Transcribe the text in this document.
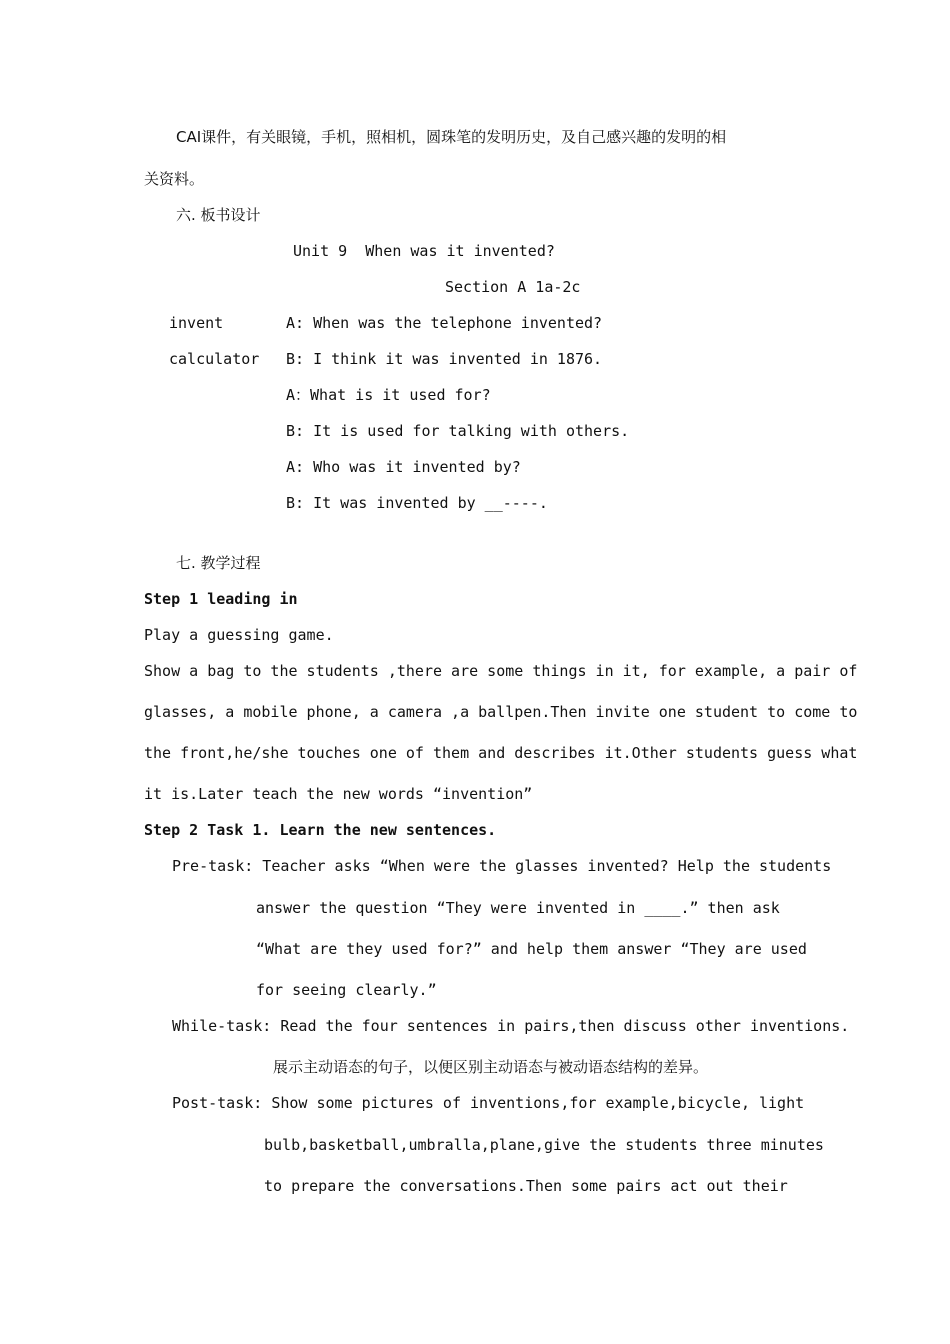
CAI课件，有关眼镜，手机，照相机，圆珠笔的发明历史，及自己感兴趣的发明的相
关资料。
六. 板书设计
Unit 9  When was it invented?
Section A 1a-2c
invent
calculator
A: When was the telephone invented?
B: I think it was invented in 1876.
A：What is it used for?
B: It is used for talking with others.
A: Who was it invented by?
B: It was invented by __----.
七. 教学过程
Step 1 leading in
Play a guessing game.
Show a bag to the students ,there are some things in it, for example, a pair of
glasses, a mobile phone, a camera ,a ballpen.Then invite one student to come to
the front,he/she touches one of them and describes it.Other students guess what
it is.Later teach the new words “invention”
Step 2 Task 1. Learn the new sentences.
Pre-task: Teacher asks “When were the glasses invented? Help the students
answer the question “They were invented in ____.” then ask
“What are they used for?” and help them answer “They are used
for seeing clearly.”
While-task: Read the four sentences in pairs,then discuss other inventions.
展示主动语态的句子，以便区别主动语态与被动语态结构的差异。
Post-task: Show some pictures of inventions,for example,bicycle, light
bulb,basketball,umbralla,plane,give the students three minutes
to prepare the conversations.Then some pairs act out their
